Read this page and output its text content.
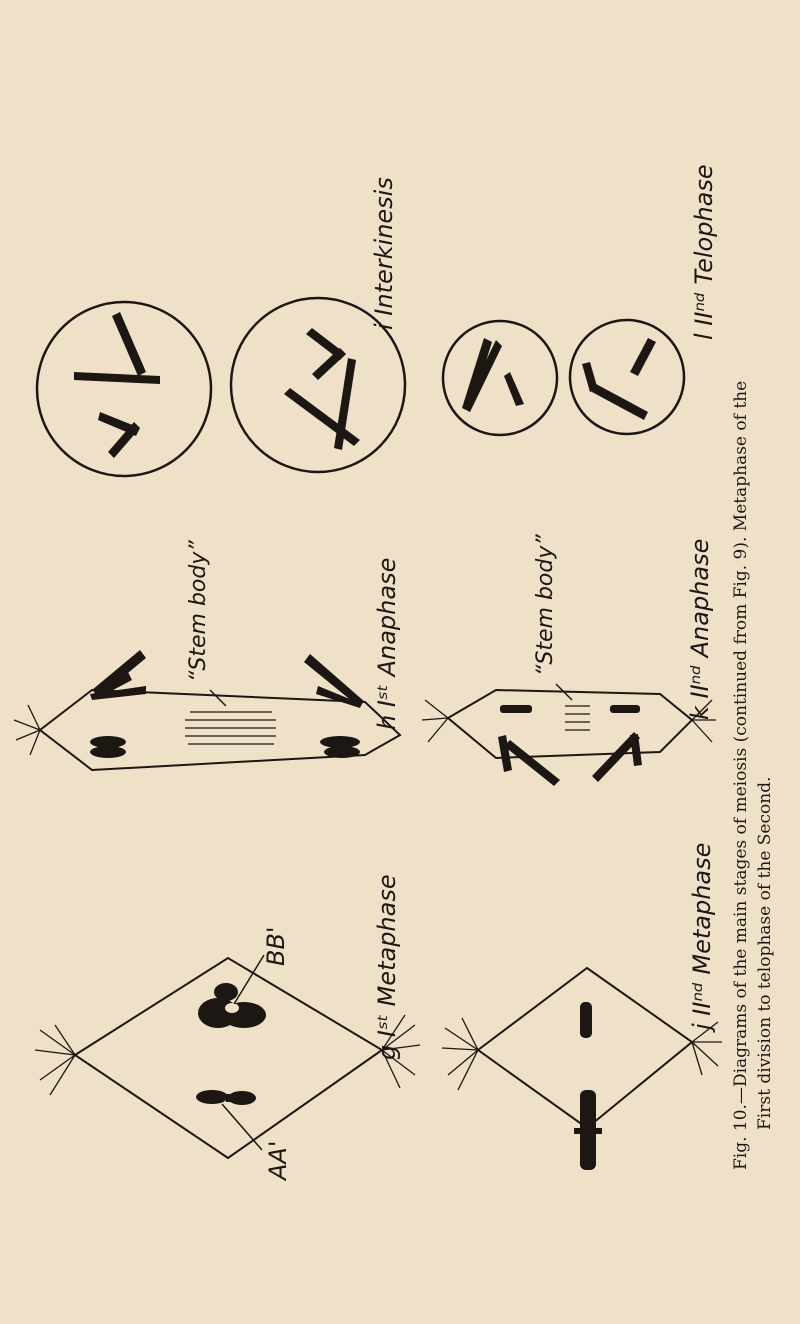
Fig. 10.—Diagrams of the main stages of meiosis (continued from Fig. 9). Metaphase of the First division to telophase of the Second.
BB'
AA'
g Iˢᵗ Metaphase
“Stem body”	h Iˢᵗ Anaphase
i Interkinesis
j IIⁿᵈ Metaphase
“Stem body”	k IIⁿᵈ Anaphase
l IIⁿᵈ Telophase
